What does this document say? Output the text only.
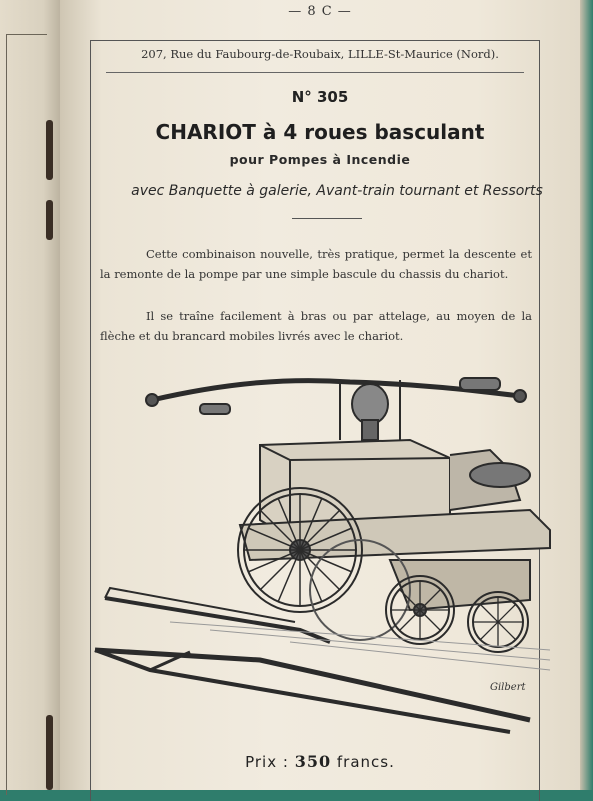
— 8 C —
207, Rue du Faubourg-de-Roubaix, LILLE-St-Maurice (Nord).
N° 305
CHARIOT à 4 roues basculant
pour Pompes à Incendie
avec Banquette à galerie, Avant-train tournant et Ressorts

Cette combinaison nouvelle, très pratique, permet la descente et la remonte de la pompe par une simple bascule du chassis du chariot.

Il se traîne facilement à bras ou par attelage, au moyen de la flèche et du brancard mobiles livrés avec le chariot.

Gilbert
Prix : 350 francs.
